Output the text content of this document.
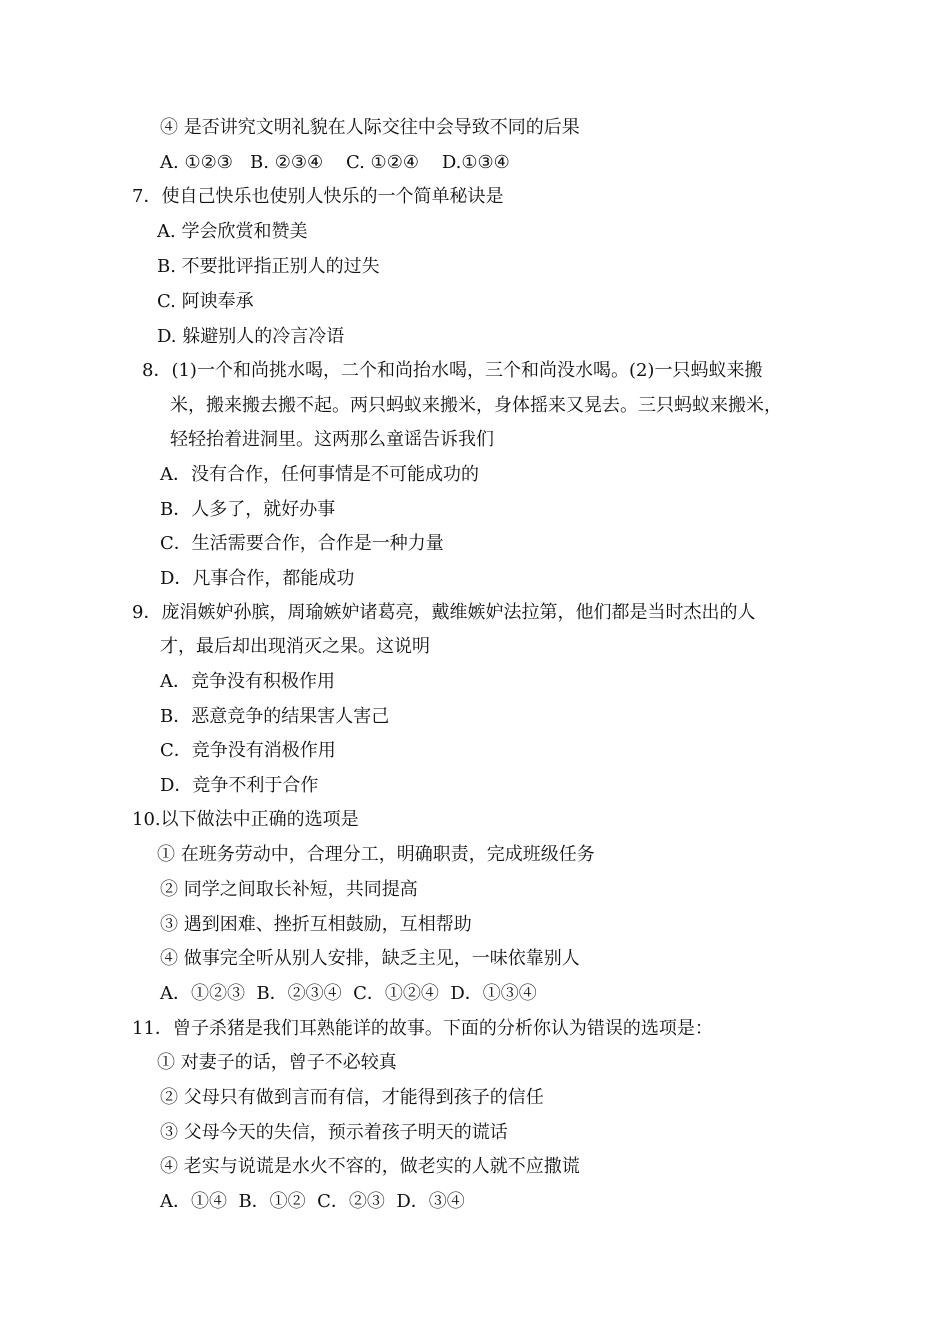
④ 是否讲究文明礼貌在人际交往中会导致不同的后果
A. ①②③   B. ②③④    C. ①②④    D.①③④
7．使自己快乐也使别人快乐的一个简单秘诀是
A. 学会欣赏和赞美
B. 不要批评指正别人的过失
C. 阿谀奉承
D. 躲避别人的冷言冷语
8．(1)一个和尚挑水喝，二个和尚抬水喝，三个和尚没水喝。(2)一只蚂蚁来搬
米，搬来搬去搬不起。两只蚂蚁来搬米，身体摇来又晃去。三只蚂蚁来搬米，
轻轻抬着进洞里。这两那么童谣告诉我们
A．没有合作，任何事情是不可能成功的
B．人多了，就好办事
C．生活需要合作，合作是一种力量
D．凡事合作，都能成功
9．庞涓嫉妒孙膑，周瑜嫉妒诸葛亮，戴维嫉妒法拉第，他们都是当时杰出的人
才，最后却出现消灭之果。这说明
A．竞争没有积极作用
B．恶意竞争的结果害人害己
C．竞争没有消极作用
D．竞争不利于合作
10.以下做法中正确的选项是
① 在班务劳动中，合理分工，明确职责，完成班级任务
② 同学之间取长补短，共同提高
③ 遇到困难、挫折互相鼓励，互相帮助
④ 做事完全听从别人安排，缺乏主见，一味依靠别人
A．①②③  B．②③④  C．①②④  D．①③④
11．曾子杀猪是我们耳熟能详的故事。下面的分析你认为错误的选项是：
① 对妻子的话，曾子不必较真
② 父母只有做到言而有信，才能得到孩子的信任
③ 父母今天的失信，预示着孩子明天的谎话
④ 老实与说谎是水火不容的，做老实的人就不应撒谎
A．①④  B．①②  C．②③  D．③④
